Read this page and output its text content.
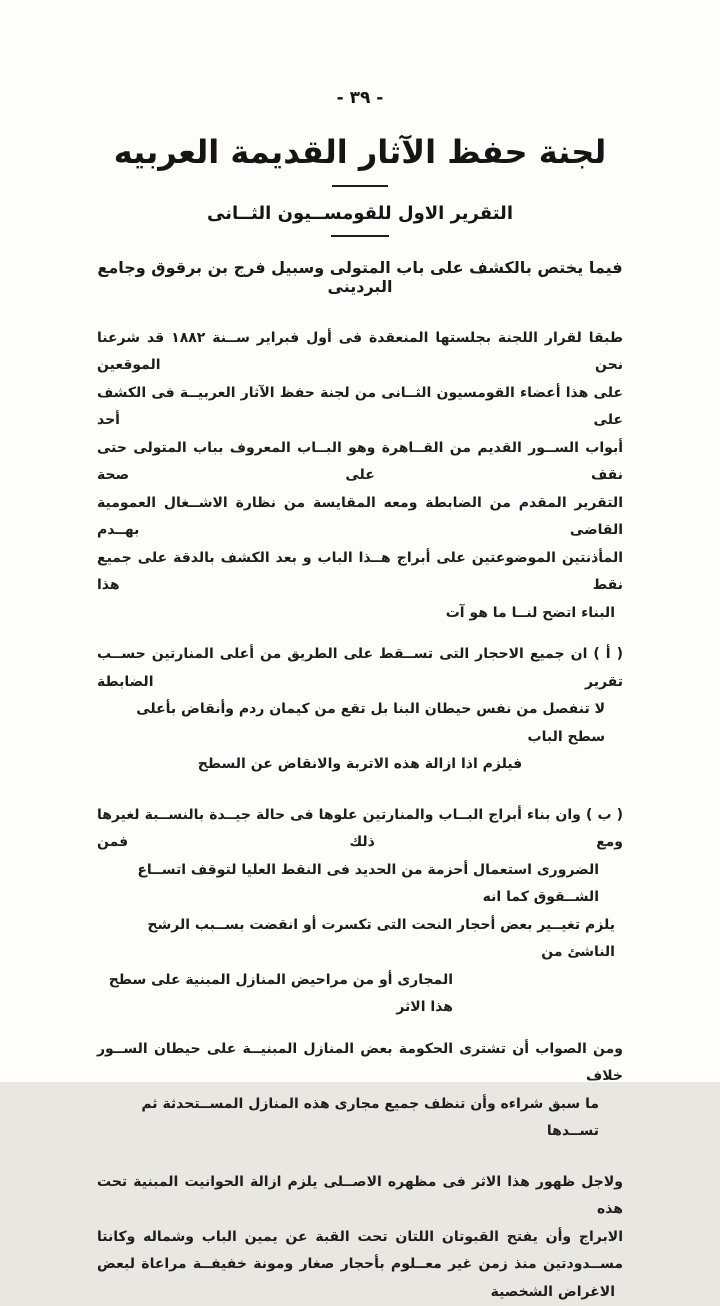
- ٣٩ -
لجنة حفظ الآثار القديمة العربيه
التقرير الاول للقومســيون الثــانى
فيما يختص بالكشف على باب المتولى وسبيل فرج بن برقوق وجامع البردينى
طبقا لقرار اللجنة بجلستها المنعقدة فى أول فبراير ســنة ١٨٨٢ قد شرعنا نحن الموقعين
على هذا أعضاء القومسيون الثــانى من لجنة حفظ الآثار العربيــة فى الكشف على أحد
أبواب الســور القديم من القــاهرة وهو البــاب المعروف بباب المتولى حتى نقف على صحة
التقرير المقدم من الضابطة ومعه المقايسة من نظارة الاشــغال العمومية القاضى بهــدم
المأذنتين الموضوعتين على أبراج هــذا الباب و بعد الكشف بالدقة على جميع نقط هذا
البناء اتضح لنــا ما هو آت
( أ ) ان جميع الاحجار التى تســقط على الطريق من أعلى المنارتين حســب تقرير الضابطة
لا تنفصل من نفس حيطان البنا بل تقع من كيمان ردم وأنقاض بأعلى سطح الباب
فيلزم اذا ازالة هذه الاتربة والانقاض عن السطح
( ب ) وان بناء أبراج البــاب والمنارتين علوها فى حالة جيــدة بالنســبة لغيرها ومع ذلك فمن
الضرورى استعمال أحزمة من الحديد فى النقط العليا لتوقف اتســاع الشــقوق كما انه
يلزم تغيــير بعض أحجار النحت التى تكسرت أو انقضت بســبب الرشح الناشئ من
المجارى أو من مراحيض المنازل المبنية على سطح هذا الاثر
ومن الصواب أن تشترى الحكومة بعض المنازل المبنيــة على حيطان الســور خلاف
ما سبق شراءه وأن تنظف جميع مجارى هذه المنازل المســتحدثة ثم تســدها
ولاجل ظهور هذا الاثر فى مظهره الاصــلى يلزم ازالة الحوانيت المبنية تحت هذه
الابراج وأن يفتح القبوتان اللتان تحت القبة عن يمين الباب وشماله وكانتا
مســدودتين منذ زمن غير معــلوم بأحجار صغار ومونة خفيفــة مراعاة لبعض
الاغراض الشخصية
